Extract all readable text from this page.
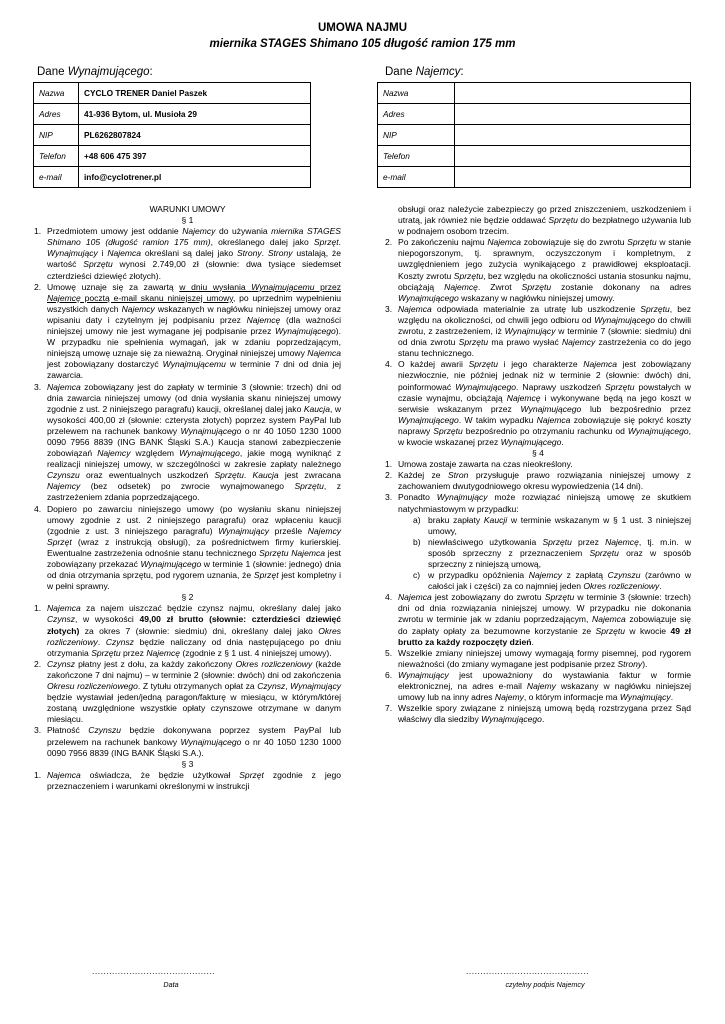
UMOWA NAJMU
miernika STAGES Shimano 105 długość ramion 175 mm
Dane Wynajmującego:	Dane Najemcy:
Nazwa	CYCLO TRENER Daniel Paszek
Adres	41-936 Bytom, ul. Musioła 29
NIP	PL6262807824
Telefon	+48 606 475 397
e-mail	info@cyclotrener.pl
Nazwa	
Adres	
NIP	
Telefon	
e-mail	
WARUNKI UMOWY
§ 1
1. Przedmiotem umowy jest oddanie Najemcy do używania miernika STAGES Shimano 105 (długość ramion 175 mm), określanego dalej jako Sprzęt. Wynajmujący i Najemca określani są dalej jako Strony. Strony ustalają, że wartość Sprzętu wynosi 2.749,00 zł (słownie: dwa tysiące siedemset czterdzieści dziewięć złotych).
2. Umowę uznaje się za zawartą w dniu wysłania Wynajmującemu przez Najemcę pocztą e-mail skanu niniejszej umowy, po uprzednim wypełnieniu wszystkich danych Najemcy wskazanych w nagłówku niniejszej umowy oraz wpisaniu daty i czytelnym jej podpisaniu przez Najemcę (dla ważności niniejszej umowy nie jest wymagane jej podpisanie przez Wynajmującego). W przypadku nie spełnienia wymagań, jak w zdaniu poprzedzającym, niniejszą umowę uznaje się za nieważną. Oryginał niniejszej umowy Najemca jest zobowiązany dostarczyć Wynajmującemu w terminie 7 dni od dnia jej zawarcia.
3. Najemca zobowiązany jest do zapłaty w terminie 3 (słownie: trzech) dni od dnia zawarcia niniejszej umowy (od dnia wysłania skanu niniejszej umowy zgodnie z ust. 2 niniejszego paragrafu) kaucji, określanej dalej jako Kaucja, w wysokości 400,00 zł (słownie: czterysta złotych) poprzez system PayPal lub przelewem na rachunek bankowy Wynajmującego o nr 40 1050 1230 1000 0090 7956 8839 (ING BANK Śląski S.A.) Kaucja stanowi zabezpieczenie zobowiązań Najemcy względem Wynajmującego, jakie mogą wyniknąć z realizacji niniejszej umowy, w szczególności w zakresie zapłaty należnego Czynszu oraz ewentualnych uszkodzeń Sprzętu. Kaucja jest zwracana Najemcy (bez odsetek) po zwrocie wynajmowanego Sprzętu, z zastrzeżeniem zdania poprzedzającego.
4. Dopiero po zawarciu niniejszego umowy (po wysłaniu skanu niniejszej umowy zgodnie z ust. 2 niniejszego paragrafu) oraz wpłaceniu kaucji (zgodnie z ust. 3 niniejszego paragrafu) Wynajmujący prześle Najemcy Sprzęt (wraz z instrukcją obsługi), za pośrednictwem firmy kurierskiej. Ewentualne zastrzeżenia odnośnie stanu technicznego Sprzętu Najemca jest zobowiązany przekazać Wynajmującego w terminie 1 (słownie: jednego) dnia od dnia otrzymania sprzętu, pod rygorem uznania, że Sprzęt jest kompletny i w pełni sprawny.
§ 2
1. Najemca za najem uiszczać będzie czynsz najmu, określany dalej jako Czynsz, w wysokości 49,00 zł brutto (słownie: czterdzieści dziewięć złotych) za okres 7 (słownie: siedmiu) dni, określany dalej jako Okres rozliczeniowy. Czynsz będzie naliczany od dnia następującego po dniu otrzymania Sprzętu przez Najemcę (zgodnie z § 1 ust. 4 niniejszej umowy).
2. Czynsz płatny jest z dołu, za każdy zakończony Okres rozliczeniowy (każde zakończone 7 dni najmu) – w terminie 2 (słownie: dwóch) dni od zakończenia Okresu rozliczeniowego. Z tytułu otrzymanych opłat za Czynsz, Wynajmujący będzie wystawiał jeden/jedną paragon/fakturę w miesiącu, w którym/której zostaną uwzględnione wszystkie opłaty czynszowe otrzymane w danym miesiącu.
3. Płatność Czynszu będzie dokonywana poprzez system PayPal lub przelewem na rachunek bankowy Wynajmującego o nr 40 1050 1230 1000 0090 7956 8839 (ING BANK Śląski S.A.).
§ 3
1. Najemca oświadcza, że będzie użytkował Sprzęt zgodnie z jego przeznaczeniem i warunkami określonymi w instrukcji
obsługi oraz należycie zabezpieczy go przed zniszczeniem, uszkodzeniem i utratą, jak również nie będzie oddawać Sprzętu do bezpłatnego używania lub w podnajem osobom trzecim.
2. Po zakończeniu najmu Najemca zobowiązuje się do zwrotu Sprzętu w stanie niepogorszonym, tj. sprawnym, oczyszczonym i kompletnym, z uwzględnieniem jego zużycia wynikającego z prawidłowej eksploatacji. Koszty zwrotu Sprzętu, bez względu na okoliczności ustania stosunku najmu, obciążają Najemcę. Zwrot Sprzętu zostanie dokonany na adres Wynajmującego wskazany w nagłówku niniejszej umowy.
3. Najemca odpowiada materialnie za utratę lub uszkodzenie Sprzętu, bez względu na okoliczności, od chwili jego odbioru od Wynajmującego do chwili zwrotu, z zastrzeżeniem, iż Wynajmujący w terminie 7 (słownie: siedmiu) dni od dnia zwrotu Sprzętu ma prawo wysłać Najemcy zastrzeżenia co do jego stanu technicznego.
4. O każdej awarii Sprzętu i jego charakterze Najemca jest zobowiązany niezwłocznie, nie później jednak niż w terminie 2 (słownie: dwóch) dni, poinformować Wynajmującego. Naprawy uszkodzeń Sprzętu powstałych w czasie wynajmu, obciążają Najemcę i wykonywane będą na jego koszt w serwisie wskazanym przez Wynajmującego lub bezpośrednio przez Wynajmującego. W takim wypadku Najemca zobowiązuje się pokryć koszty naprawy Sprzętu bezpośrednio po otrzymaniu rachunku od Wynajmującego, w kwocie wskazanej przez Wynajmującego.
§ 4
1. Umowa zostaje zawarta na czas nieokreślony.
2. Każdej ze Stron przysługuje prawo rozwiązania niniejszej umowy z zachowaniem dwutygodniowego okresu wypowiedzenia (14 dni).
3. Ponadto Wynajmujący może rozwiązać niniejszą umowę ze skutkiem natychmiastowym w przypadku:
a) braku zapłaty Kaucji w terminie wskazanym w § 1 ust. 3 niniejszej umowy,
b) niewłaściwego użytkowania Sprzętu przez Najemcę, tj. m.in. w sposób sprzeczny z przeznaczeniem Sprzętu oraz w sposób sprzeczny z niniejszą umową,
c) w przypadku opóźnienia Najemcy z zapłatą Czynszu (zarówno w całości jak i części) za co najmniej jeden Okres rozliczeniowy.
4. Najemca jest zobowiązany do zwrotu Sprzętu w terminie 3 (słownie: trzech) dni od dnia rozwiązania niniejszej umowy. W przypadku nie dokonania zwrotu w terminie jak w zdaniu poprzedzającym, Najemca zobowiązuje się do zapłaty opłaty za bezumowne korzystanie ze Sprzętu w kwocie 49 zł brutto za każdy rozpoczęty dzień.
5. Wszelkie zmiany niniejszej umowy wymagają formy pisemnej, pod rygorem nieważności (do zmiany wymagane jest podpisanie przez Strony).
6. Wynajmujący jest upoważniony do wystawiania faktur w formie elektronicznej, na adres e-mail Najemy wskazany w nagłówku niniejszej umowy lub na inny adres Najemy, o którym informacje ma Wynajmujący.
7. Wszelkie spory związane z niniejszą umową będą rozstrzygana przez Sąd właściwy dla siedziby Wynajmującego.
...........................................
Data
...........................................
czytelny podpis Najemcy
